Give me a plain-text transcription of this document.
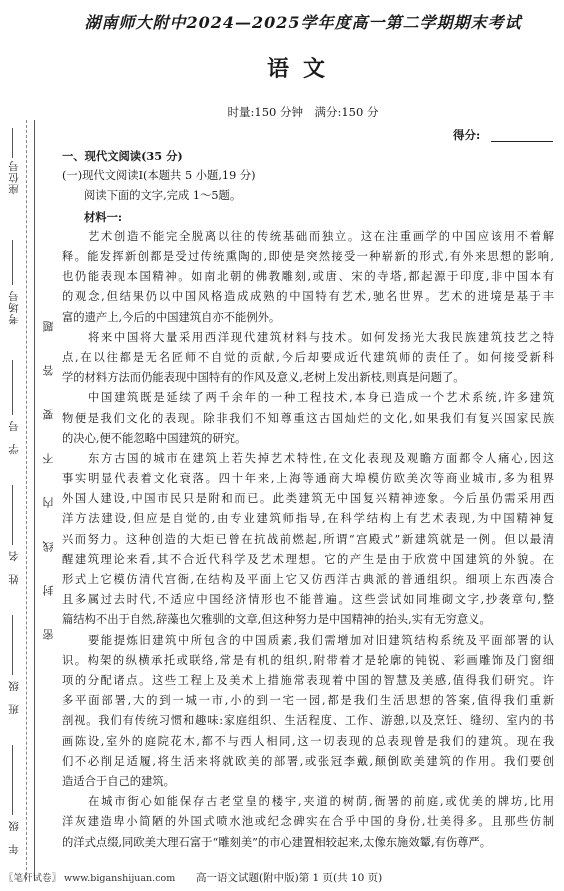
座位号
考场号
学　号
姓　名
班　级
年　级
密　封　线　内　不　要　答　题
湖南师大附中2024—2025学年度高一第二学期期末考试
语文
时量:150 分钟　满分:150 分
得分:
一、现代文阅读(35 分)
(一)现代文阅读Ⅰ(本题共 5 小题,19 分)
阅读下面的文字,完成 1～5题。
材料一:
艺术创造不能完全脱离以往的传统基础而独立。这在注重画学的中国应该用不着解
释。能发挥新创都是受过传统熏陶的,即使是突然接受一种崭新的形式,有外来思想的影响,
也仍能表现本国精神。如南北朝的佛教雕刻,或唐、宋的寺塔,都起源于印度,非中国本有
的观念,但结果仍以中国风格造成成熟的中国特有艺术,驰名世界。艺术的进境是基于丰
富的遗产上,今后的中国建筑自亦不能例外。
将来中国将大量采用西洋现代建筑材料与技术。如何发扬光大我民族建筑技艺之特
点,在以往都是无名匠师不自觉的贡献,今后却要成近代建筑师的责任了。如何接受新科
学的材料方法而仍能表现中国特有的作风及意义,老树上发出新枝,则真是问题了。
中国建筑既是延续了两千余年的一种工程技术,本身已造成一个艺术系统,许多建筑
物便是我们文化的表现。除非我们不知尊重这古国灿烂的文化,如果我们有复兴国家民族
的决心,便不能忽略中国建筑的研究。
东方古国的城市在建筑上若失掉艺术特性,在文化表现及观瞻方面都令人痛心,因这
事实明显代表着文化衰落。四十年来,上海等通商大埠模仿欧美次等商业城市,多为租界
外国人建设,中国市民只是附和而已。此类建筑无中国复兴精神迹象。今后虽仍需采用西
洋方法建设,但应是自觉的,由专业建筑师指导,在科学结构上有艺术表现,为中国精神复
兴而努力。这种创造的大炬已曾在抗战前燃起,所谓“宫殿式”新建筑就是一例。但以最清
醒建筑理论来看,其不合近代科学及艺术理想。它的产生是由于欣赏中国建筑的外貌。在
形式上它模仿清代宫衙,在结构及平面上它又仿西洋古典派的普通组织。细项上东西凑合
且多属过去时代,不适应中国经济情形也不能普遍。这些尝试如同堆砌文字,抄袭章句,整
篇结构不出于自然,辞藻也欠雅驯的文章,但这种努力是中国精神的抬头,实有无穷意义。
要能提炼旧建筑中所包含的中国质素,我们需增加对旧建筑结构系统及平面部署的认
识。构架的纵横承托或联络,常是有机的组织,附带着才是轮廓的钝锐、彩画雕饰及门窗细
项的分配诸点。这些工程上及美术上措施常表现着中国的智慧及美感,值得我们研究。许
多平面部署,大的到一城一市,小的到一宅一园,都是我们生活思想的答案,值得我们重新
剖视。我们有传统习惯和趣味:家庭组织、生活程度、工作、游憩,以及烹饪、缝纫、室内的书
画陈设,室外的庭院花木,都不与西人相同,这一切表现的总表现曾是我们的建筑。现在我
们不必削足适履,将生活来将就欧美的部署,或张冠李戴,颠倒欧美建筑的作用。我们要创
造适合于自己的建筑。
在城市街心如能保存古老堂皇的楼宇,夹道的树荫,衙署的前庭,或优美的牌坊,比用
洋灰建造卑小简陋的外国式喷水池或纪念碑实在合乎中国的身份,壮美得多。且那些仿制
的洋式点缀,同欧美大理石富于“雕刻美”的市心建置相较起来,太像东施效颦,有伤尊严。
〖笔杆试卷〗 www.biganshijuan.com 高一语文试题(附中版)第 1 页(共 10 页)
